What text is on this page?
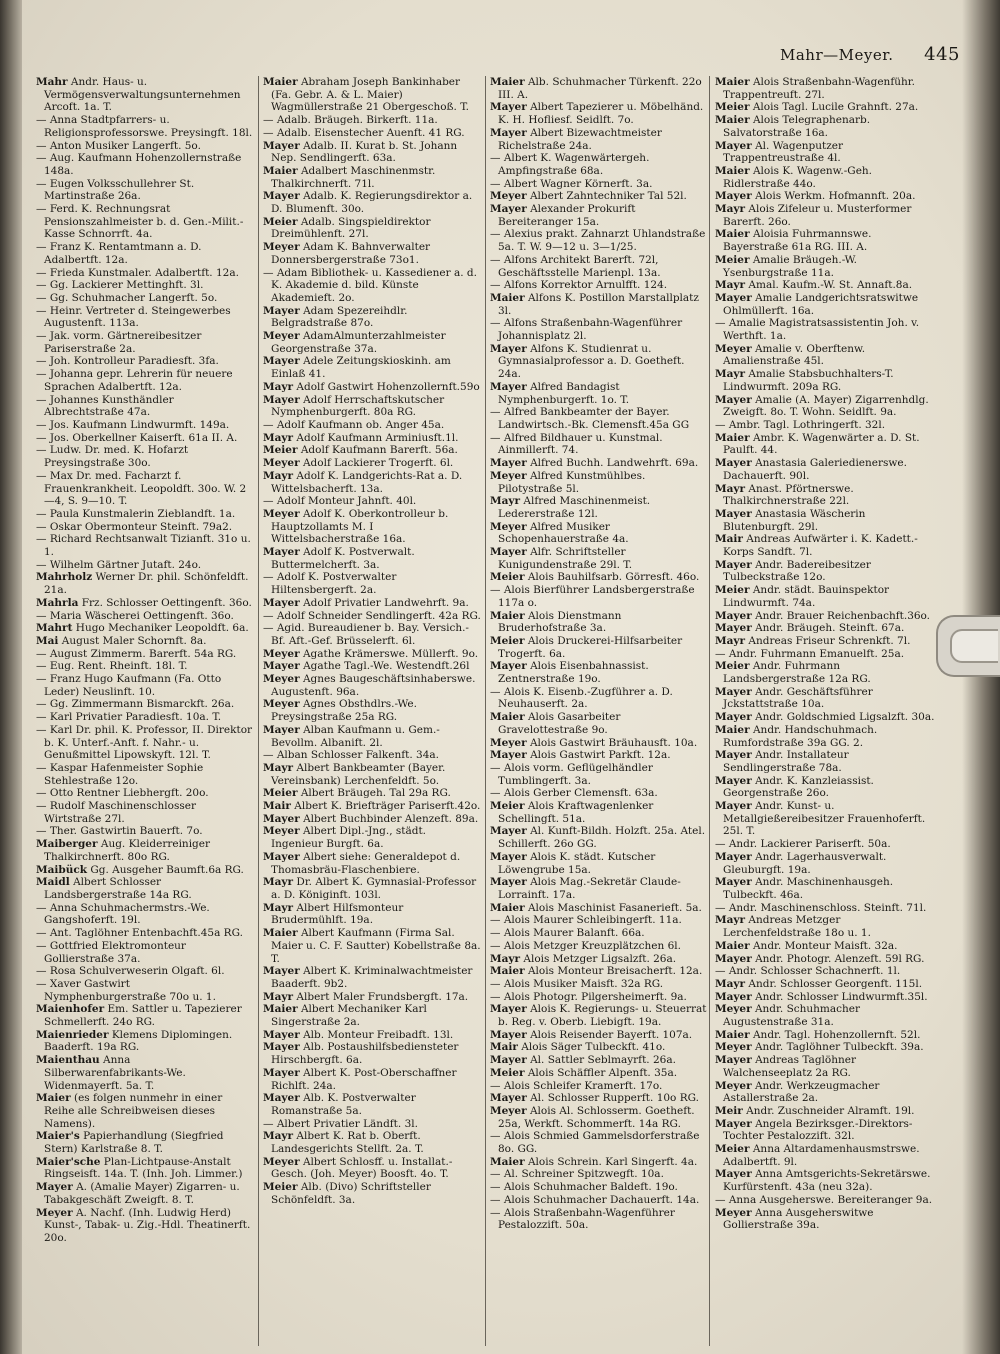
Mahr—Meyer. 445

Mahr Andr. Haus- u. Vermögensverwaltungsunternehmen Arcoft. 1a. T.

— Anna Stadtpfarrers- u. Religionsprofessorswe. Preysingft. 18l.

— Anton Musiker Langerft. 5o.

— Aug. Kaufmann Hohenzollernstraße 148a.

— Eugen Volksschullehrer St. Martinstraße 26a.

— Ferd. K. Rechnungsrat Pensionszahlmeister b. d. Gen.-Milit.-Kasse Schnorrft. 4a.

— Franz K. Rentamtmann a. D. Adalbertft. 12a.

— Frieda Kunstmaler. Adalbertft. 12a.

— Gg. Lackierer Mettinghft. 3l.

— Gg. Schuhmacher Langerft. 5o.

— Heinr. Vertreter d. Steingewerbes Augustenft. 113a.

— Jak. vorm. Gärtnereibesitzer Pariserstraße 2a.

— Joh. Kontrolleur Paradiesft. 3fa.

— Johanna gepr. Lehrerin für neuere Sprachen Adalbertft. 12a.

— Johannes Kunsthändler Albrechtstraße 47a.

— Jos. Kaufmann Lindwurmft. 149a.

— Jos. Oberkellner Kaiserft. 61a II. A.

— Ludw. Dr. med. K. Hofarzt Preysingstraße 30o.

— Max Dr. med. Facharzt f. Frauenkrankheit. Leopoldft. 30o. W. 2—4, S. 9—10. T.

— Paula Kunstmalerin Zieblandft. 1a.

— Oskar Obermonteur Steinft. 79a2.

— Richard Rechtsanwalt Tizianft. 31o u. 1.

— Wilhelm Gärtner Jutaft. 24o.

Mahrholz Werner Dr. phil. Schönfeldft. 21a.

Mahrla Frz. Schlosser Oettingenft. 36o.

— Maria Wäscherei Oettingenft. 36o.

Mahrt Hugo Mechaniker Leopoldft. 6a.

Mai August Maler Schornft. 8a.

— August Zimmerm. Barerft. 54a RG.

— Eug. Rent. Rheinft. 18l. T.

— Franz Hugo Kaufmann (Fa. Otto Leder) Neuslinft. 10.

— Gg. Zimmermann Bismarckft. 26a.

— Karl Privatier Paradiesft. 10a. T.

— Karl Dr. phil. K. Professor, II. Direktor b. K. Unterf.-Anft. f. Nahr.- u. Genußmittel Lipowskyft. 12l. T.

— Kaspar Hafenmeister Sophie Stehlestraße 12o.

— Otto Rentner Liebhergft. 20o.

— Rudolf Maschinenschlosser Wirtstraße 27l.

— Ther. Gastwirtin Bauerft. 7o.

Maiberger Aug. Kleiderreiniger Thalkirchnerft. 80o RG.

Maibück Gg. Ausgeher Baumft.6a RG.

Maidl Albert Schlosser Landsbergerstraße 14a RG.

— Anna Schuhmachermstrs.-We. Gangshoferft. 19l.

— Ant. Taglöhner Entenbachft.45a RG.

— Gottfried Elektromonteur Gollierstraße 37a.

— Rosa Schulverweserin Olgaft. 6l.

— Xaver Gastwirt Nymphenburgerstraße 70o u. 1.

Maienhofer Em. Sattler u. Tapezierer Schmellerft. 24o RG.

Maienrieder Klemens Diplomingen. Baaderft. 19a RG.

Maienthau Anna Silberwarenfabrikants-We. Widenmayerft. 5a. T.

Maier (es folgen nunmehr in einer Reihe alle Schreibweisen dieses Namens).

Maier's Papierhandlung (Siegfried Stern) Karlstraße 8. T.

Maier'sche Plan-Lichtpause-Anstalt Ringseisft. 14a. T. (Inh. Joh. Limmer.)

Mayer A. (Amalie Mayer) Zigarren- u. Tabakgeschäft Zweigft. 8. T.

Meyer A. Nachf. (Inh. Ludwig Herd) Kunst-, Tabak- u. Zig.-Hdl. Theatinerft. 20o.

Maier Abraham Joseph Bankinhaber (Fa. Gebr. A. & L. Maier) Wagmüllerstraße 21 Obergeschoß. T.

— Adalb. Bräugeh. Birkerft. 11a.

— Adalb. Eisenstecher Auenft. 41 RG.

Mayer Adalb. II. Kurat b. St. Johann Nep. Sendlingerft. 63a.

Maier Adalbert Maschinenmstr. Thalkirchnerft. 71l.

Mayer Adalb. K. Regierungsdirektor a. D. Blumenft. 30o.

Meier Adalb. Singspieldirektor Dreimühlenft. 27l.

Meyer Adam K. Bahnverwalter Donnersbergerstraße 73o1.

— Adam Bibliothek- u. Kassediener a. d. K. Akademie d. bild. Künste Akademieft. 2o.

Mayer Adam Spezereihdlr. Belgradstraße 87o.

Meyer AdamAlmunterzahlmeister Georgenstraße 37a.

Mayer Adele Zeitungskioskinh. am Einlaß 41.

Mayr Adolf Gastwirt Hohenzollernft.59o

Mayer Adolf Herrschaftskutscher Nymphenburgerft. 80a RG.

— Adolf Kaufmann ob. Anger 45a.

Mayr Adolf Kaufmann Arminiusft.1l.

Meier Adolf Kaufmann Barerft. 56a.

Meyer Adolf Lackierer Trogerft. 6l.

Mayr Adolf K. Landgerichts-Rat a. D. Wittelsbacherft. 13a.

— Adolf Monteur Jahnft. 40l.

Meyer Adolf K. Oberkontrolleur b. Hauptzollamts M. I Wittelsbacherstraße 16a.

Mayer Adolf K. Postverwalt. Buttermelcherft. 3a.

— Adolf K. Postverwalter Hiltensbergerft. 2a.

Mayer Adolf Privatier Landwehrft. 9a.

— Adolf Schneider Sendlingerft. 42a RG.

— Agid. Bureaudiener b. Bay. Versich.-Bf. Aft.-Gef. Brüsselerft. 6l.

Meyer Agathe Krämerswe. Müllerft. 9o.

Mayer Agathe Tagl.-We. Westendft.26l

Meyer Agnes Baugeschäftsinhaberswe. Augustenft. 96a.

Meyer Agnes Obsthdlrs.-We. Preysingstraße 25a RG.

Mayer Alban Kaufmann u. Gem.-Bevollm. Albanift. 2l.

— Alban Schlosser Falkenft. 34a.

Mayr Albert Bankbeamter (Bayer. Vereinsbank) Lerchenfeldft. 5o.

Meier Albert Bräugeh. Tal 29a RG.

Mair Albert K. Briefträger Pariserft.42o.

Mayer Albert Buchbinder Alenzeft. 89a.

Meyer Albert Dipl.-Jng., städt. Ingenieur Burgft. 6a.

Mayer Albert siehe: Generaldepot d. Thomasbräu-Flaschenbiere.

Mayr Dr. Albert K. Gymnasial-Professor a. D. Königinft. 103l.

Mayr Albert Hilfsmonteur Brudermühlft. 19a.

Maier Albert Kaufmann (Firma Sal. Maier u. C. F. Sautter) Kobellstraße 8a. T.

Mayer Albert K. Kriminalwachtmeister Baaderft. 9b2.

Mayr Albert Maler Frundsbergft. 17a.

Maier Albert Mechaniker Karl Singerstraße 2a.

Mayer Alb. Monteur Freibadft. 13l.

Mayer Alb. Postaushilfsbediensteter Hirschbergft. 6a.

Mayer Albert K. Post-Oberschaffner Richlft. 24a.

Mayer Alb. K. Postverwalter Romanstraße 5a.

— Albert Privatier Ländft. 3l.

Mayr Albert K. Rat b. Oberft. Landesgerichts Stellft. 2a. T.

Meyer Albert Schlosff. u. Installat.-Gesch. (Joh. Meyer) Boosft. 4o. T.

Meier Alb. (Divo) Schriftsteller Schönfeldft. 3a.

Maier Alb. Schuhmacher Türkenft. 22o III. A.

Mayer Albert Tapezierer u. Möbelhänd. K. H. Hofliesf. Seidlft. 7o.

Mayer Albert Bizewachtmeister Richelstraße 24a.

— Albert K. Wagenwärtergeh. Ampfingstraße 68a.

— Albert Wagner Körnerft. 3a.

Meyer Albert Zahntechniker Tal 52l.

Mayer Alexander Prokurift Bereiteranger 15a.

— Alexius prakt. Zahnarzt Uhlandstraße 5a. T. W. 9—12 u. 3—1/25.

— Alfons Architekt Barerft. 72l, Geschäftsstelle Marienpl. 13a.

— Alfons Korrektor Arnulfft. 124.

Maier Alfons K. Postillon Marstallplatz 3l.

— Alfons Straßenbahn-Wagenführer Johannisplatz 2l.

Mayer Alfons K. Studienrat u. Gymnasialprofessor a. D. Goetheft. 24a.

Mayer Alfred Bandagist Nymphenburgerft. 1o. T.

— Alfred Bankbeamter der Bayer. Landwirtsch.-Bk. Clemensft.45a GG

— Alfred Bildhauer u. Kunstmal. Ainmillerft. 74.

Mayer Alfred Buchh. Landwehrft. 69a.

Meyer Alfred Kunstmühlbes. Pilotystraße 5l.

Mayr Alfred Maschinenmeist. Ledererstraße 12l.

Meyer Alfred Musiker Schopenhauerstraße 4a.

Mayer Alfr. Schriftsteller Kunigundenstraße 29l. T.

Meier Alois Bauhilfsarb. Görresft. 46o.

— Alois Bierführer Landsbergerstraße 117a o.

Maier Alois Dienstmann Bruderhofstraße 3a.

Meier Alois Druckerei-Hilfsarbeiter Trogerft. 6a.

Mayer Alois Eisenbahnassist. Zentnerstraße 19o.

— Alois K. Eisenb.-Zugführer a. D. Neuhauserft. 2a.

Maier Alois Gasarbeiter Gravelottestraße 9o.

Meyer Alois Gastwirt Bräuhausft. 10a.

Mayer Alois Gastwirt Parkft. 12a.

— Alois vorm. Geflügelhändler Tumblingerft. 3a.

— Alois Gerber Clemensft. 63a.

Meier Alois Kraftwagenlenker Schellingft. 51a.

Mayer Al. Kunft-Bildh. Holzft. 25a. Atel. Schillerft. 26o GG.

Mayer Alois K. städt. Kutscher Löwengrube 15a.

Mayer Alois Mag.-Sekretär Claude-Lorrainft. 17a.

Maier Alois Maschinist Fasanerieft. 5a.

— Alois Maurer Schleibingerft. 11a.

— Alois Maurer Balanft. 66a.

— Alois Metzger Kreuzplätzchen 6l.

Mayr Alois Metzger Ligsalzft. 26a.

Maier Alois Monteur Breisacherft. 12a.

— Alois Musiker Maisft. 32a RG.

— Alois Photogr. Pilgersheimerft. 9a.

Mayer Alois K. Regierungs- u. Steuerrat b. Reg. v. Oberb. Liebigft. 19a.

Mayer Alois Reisender Bayerft. 107a.

Mair Alois Säger Tulbeckft. 41o.

Mayer Al. Sattler Seblmayrft. 26a.

Meier Alois Schäffler Alpenft. 35a.

— Alois Schleifer Kramerft. 17o.

Mayer Al. Schlosser Rupperft. 10o RG.

Meyer Alois Al. Schlosserm. Goetheft. 25a, Werkft. Schommerft. 14a RG.

— Alois Schmied Gammelsdorferstraße 8o. GG.

Maier Alois Schrein. Karl Singerft. 4a.

— Al. Schreiner Spitzwegft. 10a.

— Alois Schuhmacher Baldeft. 19o.

— Alois Schuhmacher Dachauerft. 14a.

— Alois Straßenbahn-Wagenführer Pestalozzift. 50a.

Maier Alois Straßenbahn-Wagenführ. Trappentreuft. 27l.

Meier Alois Tagl. Lucile Grahnft. 27a.

Maier Alois Telegraphenarb. Salvatorstraße 16a.

Mayer Al. Wagenputzer Trappentreustraße 4l.

Maier Alois K. Wagenw.-Geh. Ridlerstraße 44o.

Mayer Alois Werkm. Hofmannft. 20a.

Mayr Alois Zifeleur u. Musterformer Barerft. 26o.

Maier Aloisia Fuhrmannswe. Bayerstraße 61a RG. III. A.

Meier Amalie Bräugeh.-W. Ysenburgstraße 11a.

Mayr Amal. Kaufm.-W. St. Annaft.8a.

Mayer Amalie Landgerichtsratswitwe Ohlmüllerft. 16a.

— Amalie Magistratsassistentin Joh. v. Werthft. 1a.

Meyer Amalie v. Oberftenw. Amalienstraße 45l.

Mayr Amalie Stabsbuchhalters-T. Lindwurmft. 209a RG.

Mayer Amalie (A. Mayer) Zigarrenhdlg. Zweigft. 8o. T. Wohn. Seidlft. 9a.

— Ambr. Tagl. Lothringerft. 32l.

Maier Ambr. K. Wagenwärter a. D. St. Paulft. 44.

Mayer Anastasia Galeriedienerswe. Dachauerft. 90l.

Mayr Anast. Pförtnerswe. Thalkirchnerstraße 22l.

Mayer Anastasia Wäscherin Blutenburgft. 29l.

Mair Andreas Aufwärter i. K. Kadett.-Korps Sandft. 7l.

Mayer Andr. Badereibesitzer Tulbeckstraße 12o.

Meier Andr. städt. Bauinspektor Lindwurmft. 74a.

Mayer Andr. Brauer Reichenbachft.36o.

Mayer Andr. Bräugeh. Steinft. 67a.

Mayr Andreas Friseur Schrenkft. 7l.

— Andr. Fuhrmann Emanuelft. 25a.

Meier Andr. Fuhrmann Landsbergerstraße 12a RG.

Mayer Andr. Geschäftsführer Jckstattstraße 10a.

Mayer Andr. Goldschmied Ligsalzft. 30a.

Maier Andr. Handschuhmach. Rumfordstraße 39a GG. 2.

Mayer Andr. Installateur Sendlingerstraße 78a.

Mayer Andr. K. Kanzleiassist. Georgenstraße 26o.

Mayer Andr. Kunst- u. Metallgießereibesitzer Frauenhoferft. 25l. T.

— Andr. Lackierer Pariserft. 50a.

Mayer Andr. Lagerhausverwalt. Gleuburgft. 19a.

Mayer Andr. Maschinenhausgeh. Tulbeckft. 46a.

— Andr. Maschinenschloss. Steinft. 71l.

Mayr Andreas Metzger Lerchenfeldstraße 18o u. 1.

Maier Andr. Monteur Maisft. 32a.

Mayer Andr. Photogr. Alenzeft. 59l RG.

— Andr. Schlosser Schachnerft. 1l.

Mayr Andr. Schlosser Georgenft. 115l.

Mayer Andr. Schlosser Lindwurmft.35l.

Meyer Andr. Schuhmacher Augustenstraße 31a.

Maier Andr. Tagl. Hohenzollernft. 52l.

Meyer Andr. Taglöhner Tulbeckft. 39a.

Mayer Andreas Taglöhner Walchenseeplatz 2a RG.

Meyer Andr. Werkzeugmacher Astallerstraße 2a.

Meir Andr. Zuschneider Alramft. 19l.

Mayer Angela Bezirksger.-Direktors-Tochter Pestalozzift. 32l.

Meier Anna Altardamenhausmstrswe. Adalbertft. 9l.

Mayer Anna Amtsgerichts-Sekretärswe. Kurfürstenft. 43a (neu 32a).

— Anna Ausgeherswe. Bereiteranger 9a.

Meyer Anna Ausgeherswitwe Gollierstraße 39a.
